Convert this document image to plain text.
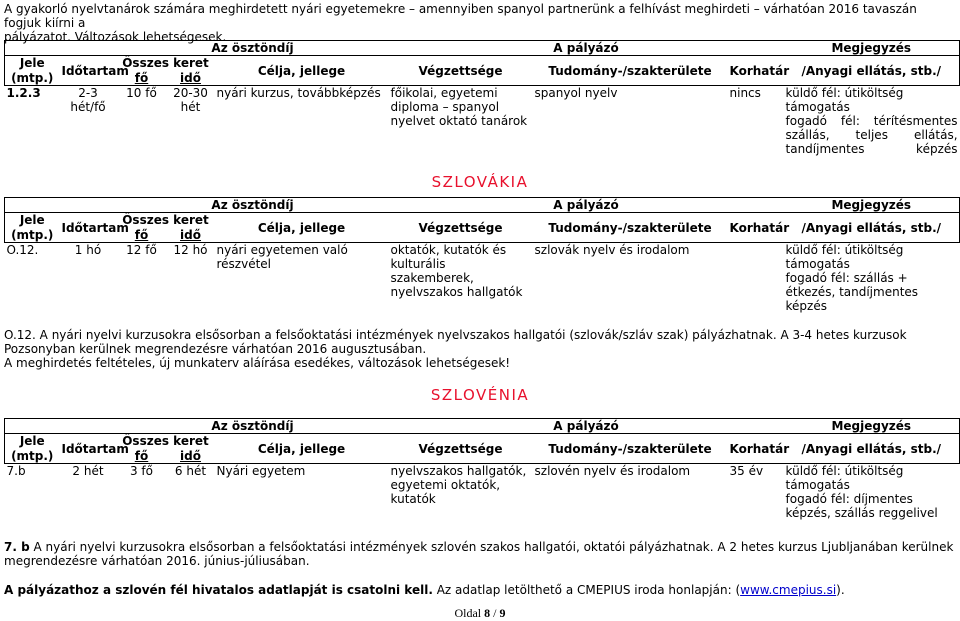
A gyakorló nyelvtanárok számára meghirdetett nyári egyetemekre – amennyiben spanyol partnerünk a felhívást meghirdeti – várhatóan 2016 tavaszán fogjuk kiírni a
pályázatot. Változások lehetségesek.

		Az ösztöndíj			A pályázó			Megjegyzés
Jele	Időtartam	Összes keret		Célja, jellege	Végzettsége	Tudomány-/szakterülete	Korhatár	/Anyagi ellátás, stb./
(mtp.)		fő	idő					
1.2.3	2-3 hét/fő	10 fő	20-30 hét	nyári kurzus, továbbképzés	főikolai, egyetemi diploma – spanyol nyelvet oktató tanárok	spanyol nyelv	nincs	küldő fél: útiköltség támogatás
fogadó fél: térítésmentes szállás, teljes ellátás, tandíjmentes képzés

SZLOVÁKIA

		Az ösztöndíj			A pályázó			Megjegyzés
Jele	Időtartam	Összes keret		Célja, jellege	Végzettsége	Tudomány-/szakterülete	Korhatár	/Anyagi ellátás, stb./
(mtp.)		fő	idő					
O.12.	1 hó	12 fő	12 hó	nyári egyetemen való részvétel	oktatók, kutatók és kulturális szakemberek, nyelvszakos hallgatók	szlovák nyelv és irodalom		küldő fél: útiköltség támogatás
fogadó fél: szállás + étkezés, tandíjmentes képzés

O.12. A nyári nyelvi kurzusokra elsősorban a felsőoktatási intézmények nyelvszakos hallgatói (szlovák/szláv szak) pályázhatnak. A 3-4 hetes kurzusok Pozsonyban kerülnek megrendezésre várhatóan 2016 augusztusában.
A meghirdetés feltételes, új munkaterv aláírása esedékes, változások lehetségesek!

SZLOVÉNIA

		Az ösztöndíj			A pályázó			Megjegyzés
Jele	Időtartam	Összes keret		Célja, jellege	Végzettsége	Tudomány-/szakterülete	Korhatár	/Anyagi ellátás, stb./
(mtp.)		fő	idő					
7.b	2 hét	3 fő	6 hét	Nyári egyetem	nyelvszakos hallgatók, egyetemi oktatók, kutatók	szlovén nyelv és irodalom	35 év	küldő fél: útiköltség támogatás
fogadó fél: díjmentes képzés, szállás reggelivel

7. b A nyári nyelvi kurzusokra elsősorban a felsőoktatási intézmények szlovén szakos hallgatói, oktatói pályázhatnak. A 2 hetes kurzus Ljubljanában kerülnek megrendezésre várhatóan 2016. június-júliusában.

A pályázathoz a szlovén fél hivatalos adatlapját is csatolni kell. Az adatlap letölthető a CMEPIUS iroda honlapján: (www.cmepius.si).

Oldal 8 / 9
